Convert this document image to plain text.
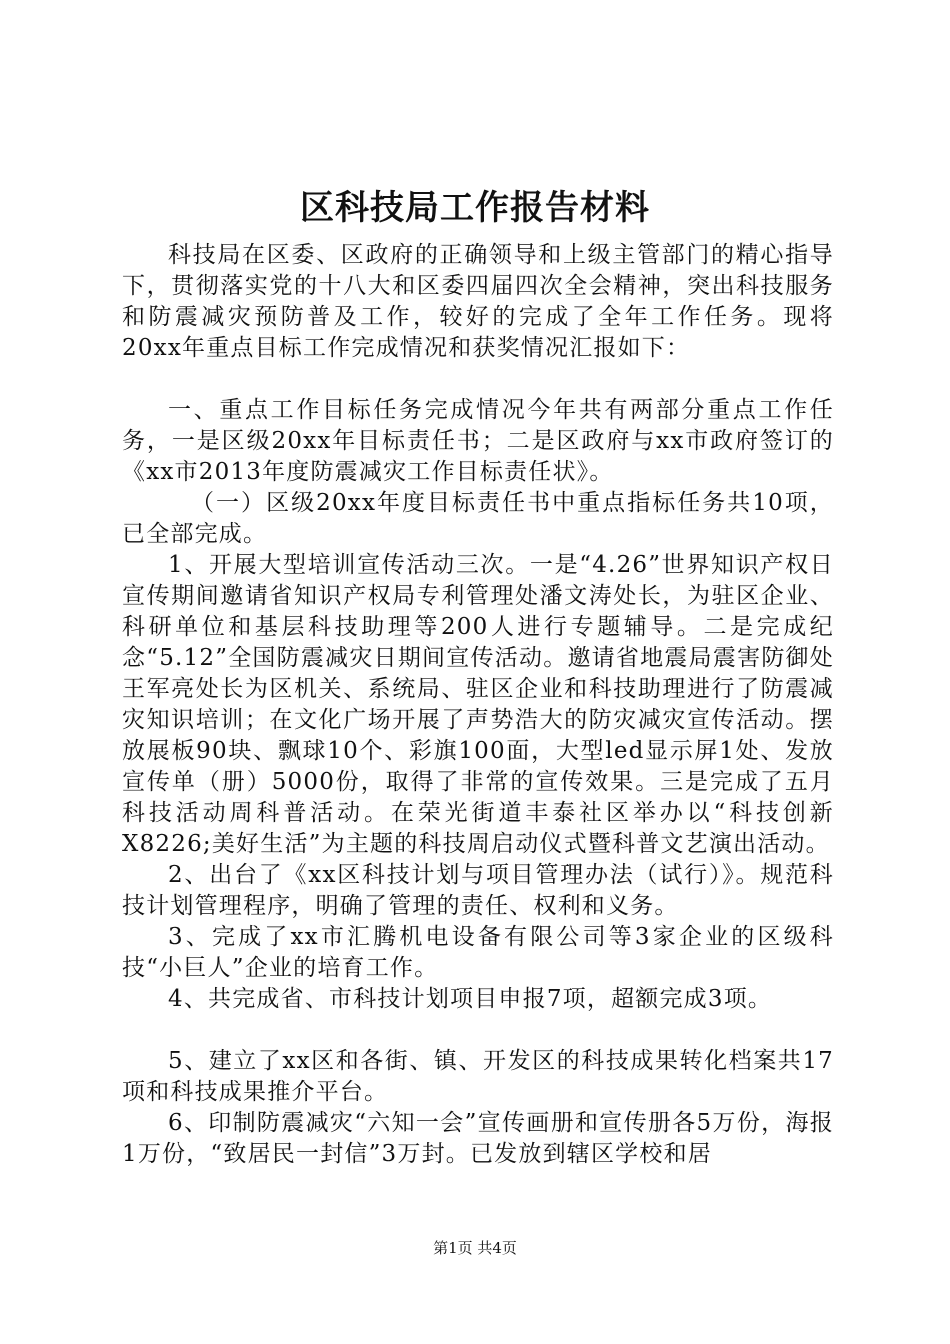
区科技局工作报告材料

科技局在区委、区政府的正确领导和上级主管部门的精心指导下，贯彻落实党的十八大和区委四届四次全会精神，突出科技服务和防震减灾预防普及工作，较好的完成了全年工作任务。现将20xx年重点目标工作完成情况和获奖情况汇报如下：

一、重点工作目标任务完成情况今年共有两部分重点工作任务，一是区级20xx年目标责任书；二是区政府与xx市政府签订的《xx市2013年度防震减灾工作目标责任状》。

（一）区级20xx年度目标责任书中重点指标任务共10项，已全部完成。

1、开展大型培训宣传活动三次。一是“4.26”世界知识产权日宣传期间邀请省知识产权局专利管理处潘文涛处长，为驻区企业、科研单位和基层科技助理等200人进行专题辅导。二是完成纪念“5.12”全国防震减灾日期间宣传活动。邀请省地震局震害防御处王军亮处长为区机关、系统局、驻区企业和科技助理进行了防震减灾知识培训；在文化广场开展了声势浩大的防灾减灾宣传活动。摆放展板90块、飘球10个、彩旗100面，大型led显示屏1处、发放宣传单（册）5000份，取得了非常的宣传效果。三是完成了五月科技活动周科普活动。在荣光街道丰泰社区举办以“科技创新X8226;美好生活”为主题的科技周启动仪式暨科普文艺演出活动。

2、出台了《xx区科技计划与项目管理办法（试行）》。规范科技计划管理程序，明确了管理的责任、权利和义务。

3、完成了xx市汇腾机电设备有限公司等3家企业的区级科技“小巨人”企业的培育工作。

4、共完成省、市科技计划项目申报7项，超额完成3项。

5、建立了xx区和各街、镇、开发区的科技成果转化档案共17项和科技成果推介平台。

6、印制防震减灾“六知一会”宣传画册和宣传册各5万份，海报1万份，“致居民一封信”3万封。已发放到辖区学校和居

第1页 共4页
